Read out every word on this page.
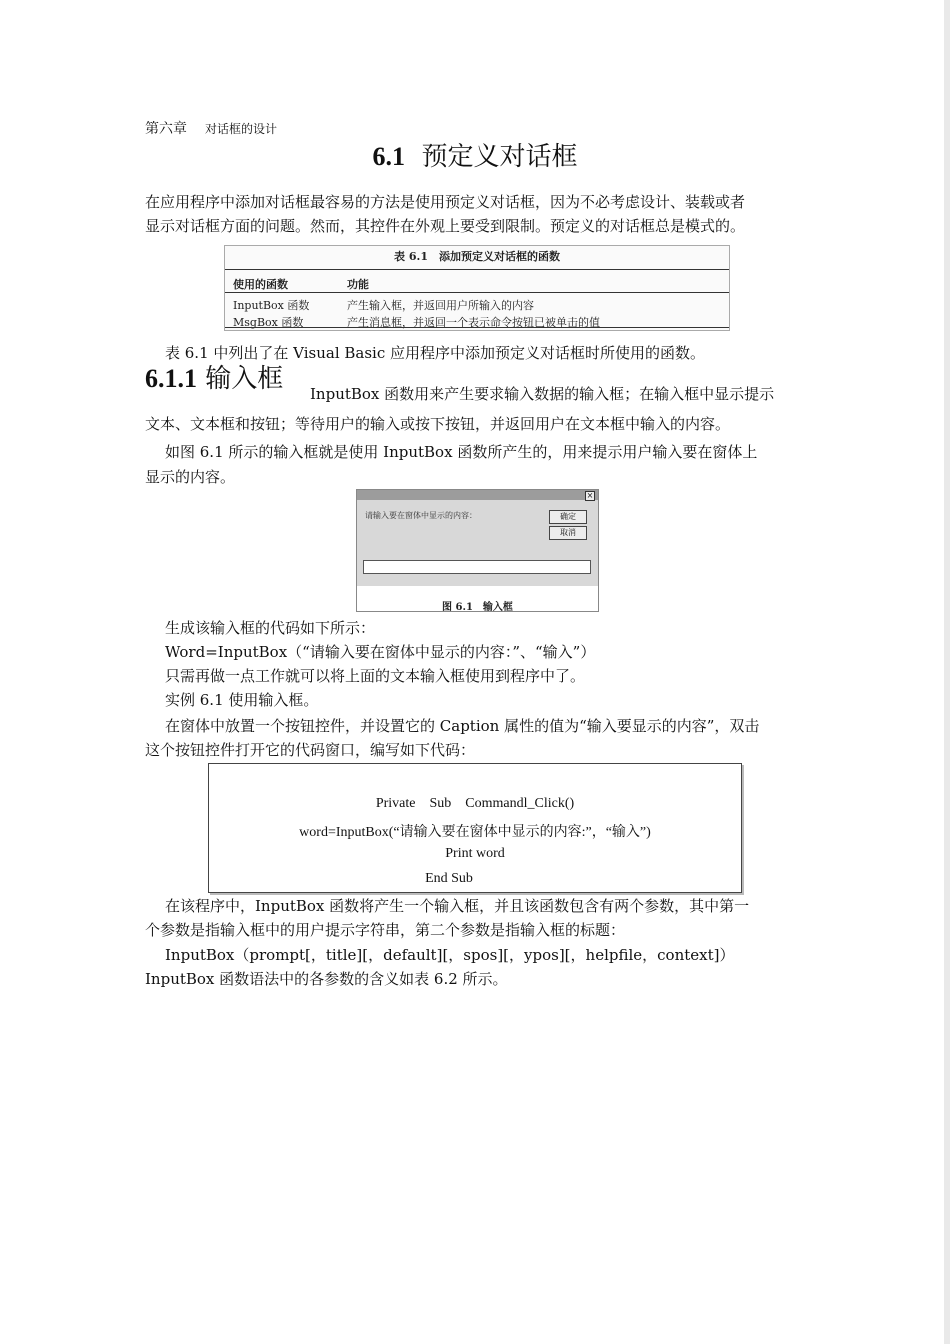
第六章 对话框的设计
6.1 预定义对话框
在应用程序中添加对话框最容易的方法是使用预定义对话框，因为不必考虑设计、装载或者
显示对话框方面的问题。然而，其控件在外观上要受到限制。预定义的对话框总是模式的。
表 6.1　添加预定义对话框的函数
使用的函数	功能
InputBox 函数	产生输入框，并返回用户所输入的内容
MsgBox 函数	产生消息框，并返回一个表示命令按钮已被单击的值
表 6.1 中列出了在 Visual Basic 应用程序中添加预定义对话框时所使用的函数。
6.1.1 输入框 InputBox 函数用来产生要求输入数据的输入框；在输入框中显示提示
文本、文本框和按钮；等待用户的输入或按下按钮，并返回用户在文本框中输入的内容。
如图 6.1 所示的输入框就是使用 InputBox 函数所产生的，用来提示用户输入要在窗体上
显示的内容。
×
请输入要在窗体中显示的内容：	确定
取消
图 6.1　输入框
生成该输入框的代码如下所示：
Word=InputBox（“请输入要在窗体中显示的内容：”、“输入”）
只需再做一点工作就可以将上面的文本输入框使用到程序中了。
实例 6.1 使用输入框。
在窗体中放置一个按钮控件，并设置它的 Caption 属性的值为“输入要显示的内容”，双击
这个按钮控件打开它的代码窗口，编写如下代码：
Private Sub Commandl_Click()
word=InputBox(“请输入要在窗体中显示的内容:”，“输入”)
Print word
End Sub
在该程序中，InputBox 函数将产生一个输入框，并且该函数包含有两个参数，其中第一
个参数是指输入框中的用户提示字符串，第二个参数是指输入框的标题：
InputBox（prompt[，title][，default][，spos][，ypos][，helpfile，context]）
InputBox 函数语法中的各参数的含义如表 6.2 所示。
